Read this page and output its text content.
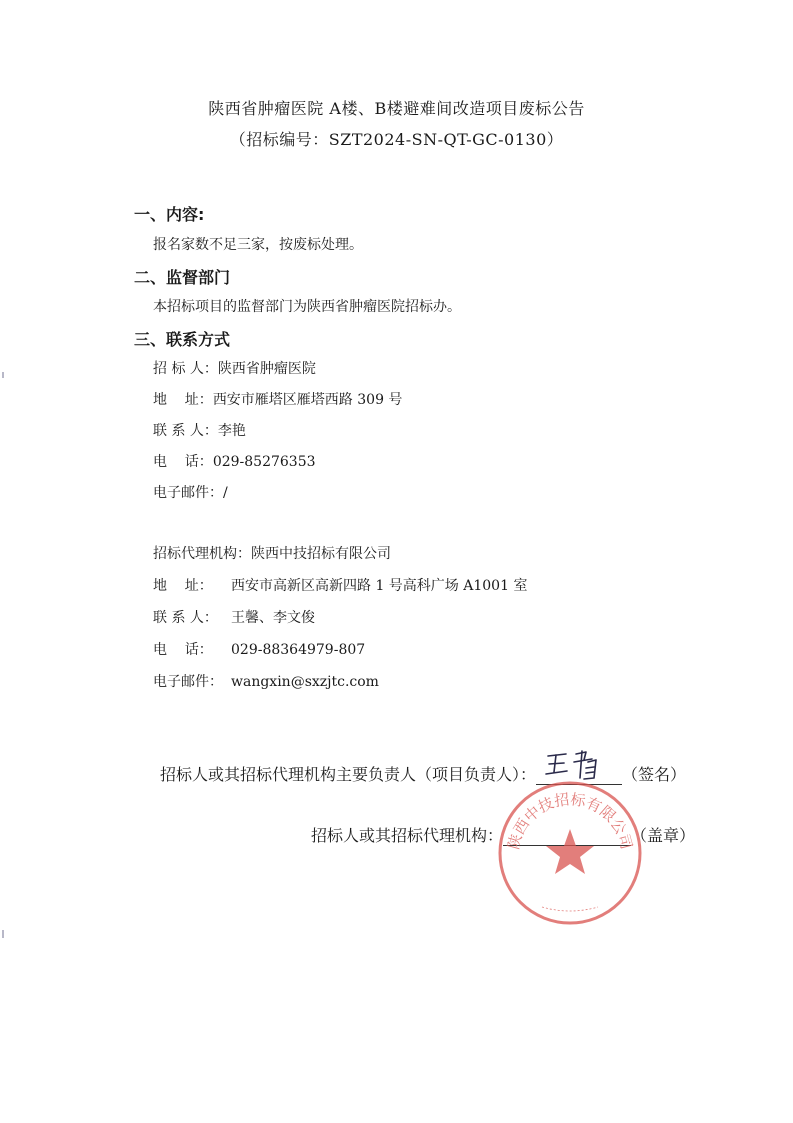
陕西省肿瘤医院 A楼、B楼避难间改造项目废标公告
（招标编号：SZT2024-SN-QT-GC-0130）
一、内容:
报名家数不足三家，按废标处理。
二、监督部门
本招标项目的监督部门为陕西省肿瘤医院招标办。
三、联系方式
招 标 人：陕西省肿瘤医院
地    址：西安市雁塔区雁塔西路 309 号
联 系 人：李艳
电    话：029-85276353
电子邮件：/
招标代理机构：陕西中技招标有限公司
地    址： 西安市高新区高新四路 1 号高科广场 A1001 室
联 系 人： 王馨、李文俊
电    话： 029-88364979-807
电子邮件： wangxin@sxzjtc.com
招标人或其招标代理机构主要负责人（项目负责人）：	（签名）
招标人或其招标代理机构：	（盖章）
陕西中技招标有限公司
